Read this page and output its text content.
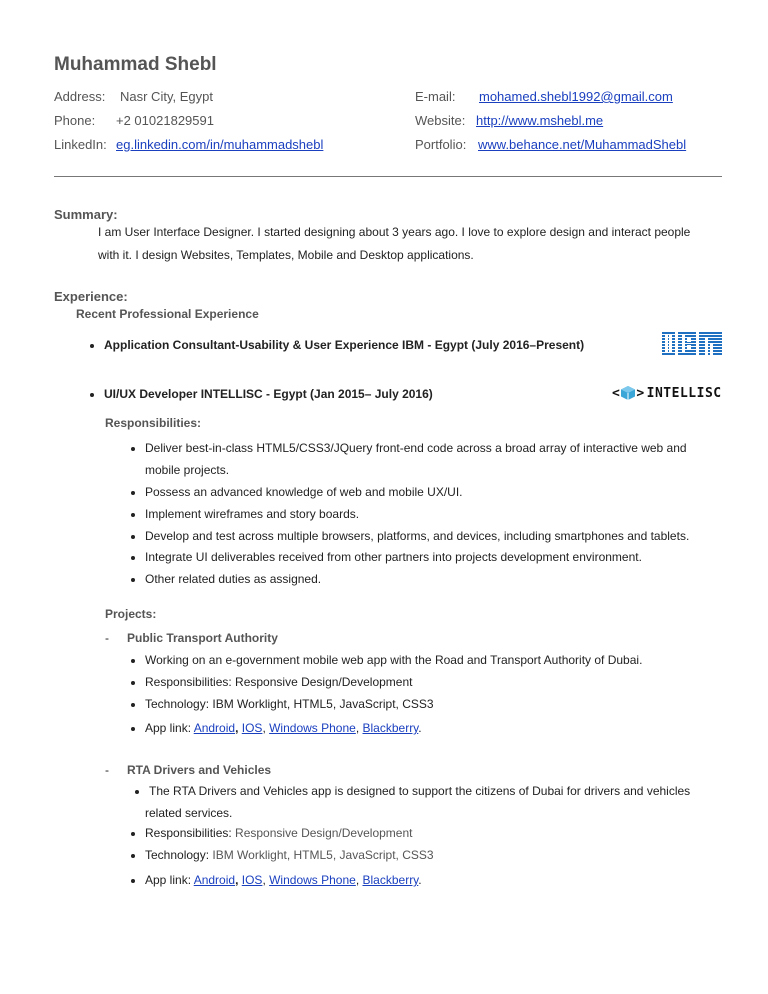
Muhammad Shebl
Address: Nasr City, Egypt
Phone: +2 01021829591
LinkedIn: eg.linkedin.com/in/muhammadshebl
E-mail: mohamed.shebl1992@gmail.com
Website: http://www.mshebl.me
Portfolio: www.behance.net/MuhammadShebl
Summary:
I am User Interface Designer. I started designing about 3 years ago. I love to explore design and interact people
with it. I design Websites, Templates, Mobile and Desktop applications.
Experience:
Recent Professional Experience
Application Consultant-Usability & User Experience IBM - Egypt (July 2016–Present)
UI/UX Developer INTELLISC - Egypt (Jan 2015– July 2016)	< > INTELLISC
Responsibilities:
Deliver best-in-class HTML5/CSS3/JQuery front-end code across a broad array of interactive web and
mobile projects.
Possess an advanced knowledge of web and mobile UX/UI.
Implement wireframes and story boards.
Develop and test across multiple browsers, platforms, and devices, including smartphones and tablets.
Integrate UI deliverables received from other partners into projects development environment.
Other related duties as assigned.
Projects:
- Public Transport Authority
Working on an e-government mobile web app with the Road and Transport Authority of Dubai.
Responsibilities: Responsive Design/Development
Technology: IBM Worklight, HTML5, JavaScript, CSS3
App link: Android, IOS, Windows Phone, Blackberry.
- RTA Drivers and Vehicles
The RTA Drivers and Vehicles app is designed to support the citizens of Dubai for drivers and vehicles
related services.
Responsibilities: Responsive Design/Development
Technology: IBM Worklight, HTML5, JavaScript, CSS3
App link: Android, IOS, Windows Phone, Blackberry.
